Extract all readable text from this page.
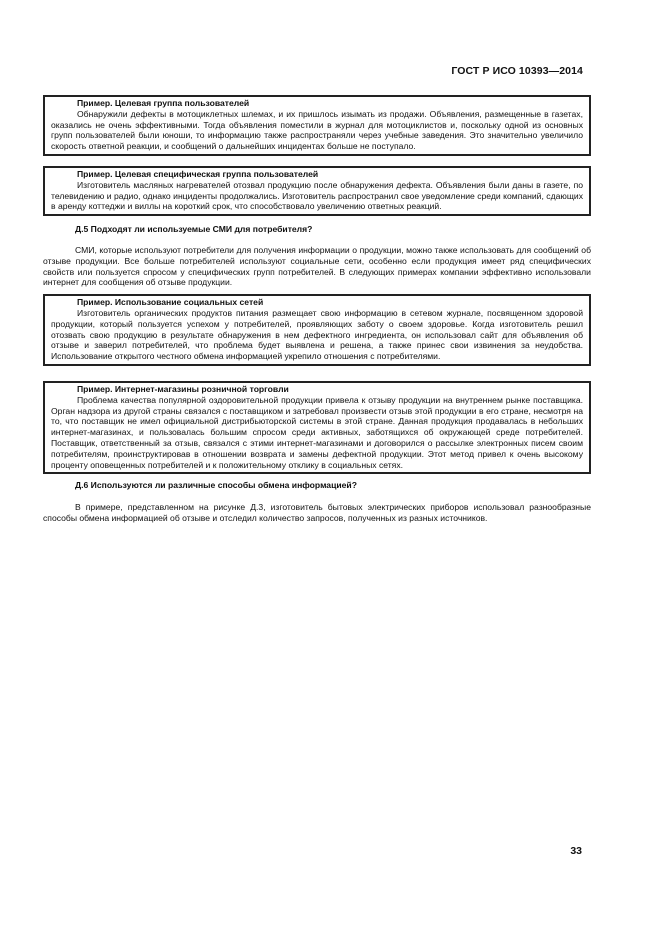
ГОСТ Р ИСО 10393—2014
Пример. Целевая группа пользователей

Обнаружили дефекты в мотоциклетных шлемах, и их пришлось изымать из продажи. Объявления, размещенные в газетах, оказались не очень эффективными. Тогда объявления поместили в журнал для мотоциклистов и, поскольку одной из основных групп пользователей были юноши, то информацию также распространяли через учебные заведения. Это значительно увеличило скорость ответной реакции, и сообщений о дальнейших инцидентах больше не поступало.

Пример. Целевая специфическая группа пользователей

Изготовитель масляных нагревателей отозвал продукцию после обнаружения дефекта. Объявления были даны в газете, по телевидению и радио, однако инциденты продолжались. Изготовитель распространил свое уведомление среди компаний, сдающих в аренду коттеджи и виллы на короткий срок, что способствовало увеличению ответных реакций.

Д.5 Подходят ли используемые СМИ для потребителя?

СМИ, которые используют потребители для получения информации о продукции, можно также использовать для сообщений об отзыве продукции. Все больше потребителей используют социальные сети, особенно если продукция имеет ряд специфических свойств или пользуется спросом у специфических групп потребителей. В следующих примерах компании эффективно использовали интернет для сообщения об отзыве продукции.

Пример. Использование социальных сетей

Изготовитель органических продуктов питания размещает свою информацию в сетевом журнале, посвященном здоровой продукции, который пользуется успехом у потребителей, проявляющих заботу о своем здоровье. Когда изготовитель решил отозвать свою продукцию в результате обнаружения в нем дефектного ингредиента, он использовал сайт для объявления об отзыве и заверил потребителей, что проблема будет выявлена и решена, а также принес свои извинения за неудобства. Использование открытого честного обмена информацией укрепило отношения с потребителями.

Пример. Интернет-магазины розничной торговли

Проблема качества популярной оздоровительной продукции привела к отзыву продукции на внутреннем рынке поставщика. Орган надзора из другой страны связался с поставщиком и затребовал произвести отзыв этой продукции в его стране, несмотря на то, что поставщик не имел официальной дистрибьюторской системы в этой стране. Данная продукция продавалась в небольших интернет-магазинах, и пользовалась большим спросом среди активных, заботящихся об окружающей среде потребителей. Поставщик, ответственный за отзыв, связался с этими интернет-магазинами и договорился о рассылке электронных писем своим потребителям, проинструктировав в отношении возврата и замены дефектной продукции. Этот метод привел к очень высокому проценту оповещенных потребителей и к положительному отклику в социальных сетях.

Д.6 Используются ли различные способы обмена информацией?

В примере, представленном на рисунке Д.3, изготовитель бытовых электрических приборов использовал разнообразные способы обмена информацией об отзыве и отследил количество запросов, полученных из разных источников.

33
